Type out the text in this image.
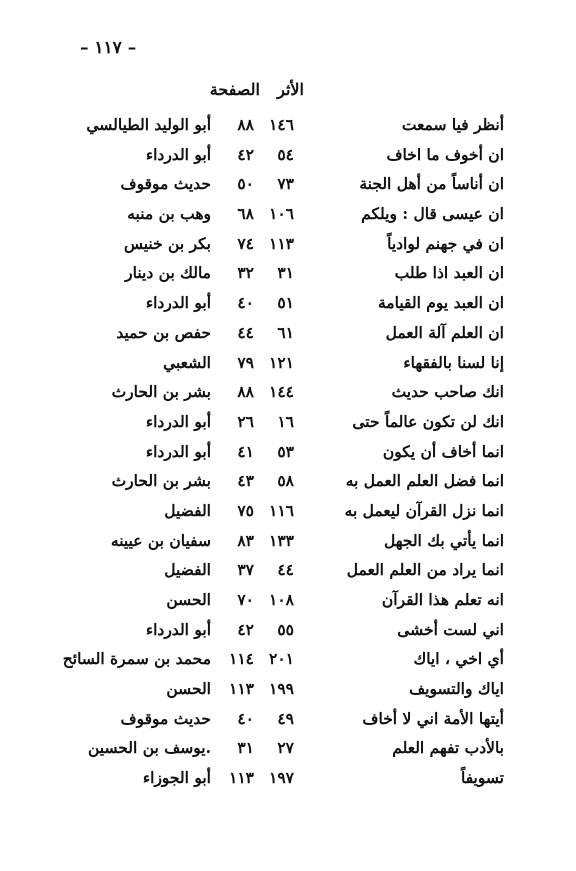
– ١١٧ –
الأثر
الصفحة
أنظر فيا سمعت
١٤٦
٨٨
أبو الوليد الطيالسي
ان أخوف ما اخاف
٥٤
٤٢
أبو الدرداء
ان أناساً من أهل الجنة
٧٣
٥٠
حديث موقوف
ان عيسى قال : ويلكم
١٠٦
٦٨
وهب بن منبه
ان في جهنم لوادياً
١١٣
٧٤
بكر بن خنيس
ان العبد اذا طلب
٣١
٣٢
مالك بن دينار
ان العبد يوم القيامة
٥١
٤٠
أبو الدرداء
ان العلم آلة العمل
٦١
٤٤
حفص بن حميد
إنا لسنا بالفقهاء
١٢١
٧٩
الشعبي
انك صاحب حديث
١٤٤
٨٨
بشر بن الحارث
انك لن تكون عالماً حتى
١٦
٢٦
أبو الدرداء
انما أخاف أن يكون
٥٣
٤١
أبو الدرداء
انما فضل العلم العمل به
٥٨
٤٣
بشر بن الحارث
انما نزل القرآن ليعمل به
١١٦
٧٥
الفضيل
انما يأتي بك الجهل
١٣٣
٨٣
سفيان بن عيينه
انما يراد من العلم العمل
٤٤
٣٧
الفضيل
انه تعلم هذا القرآن
١٠٨
٧٠
الحسن
اني لست أخشى
٥٥
٤٢
أبو الدرداء
أي اخي ، اياك
٢٠١
١١٤
محمد بن سمرة السائح
اياك والتسويف
١٩٩
١١٣
الحسن
أيتها الأمة اني لا أخاف
٤٩
٤٠
حديث موقوف
بالأدب تفهم العلم
٢٧
٣١
.يوسف بن الحسين
تسويفاً
١٩٧
١١٣
أبو الجوزاء
